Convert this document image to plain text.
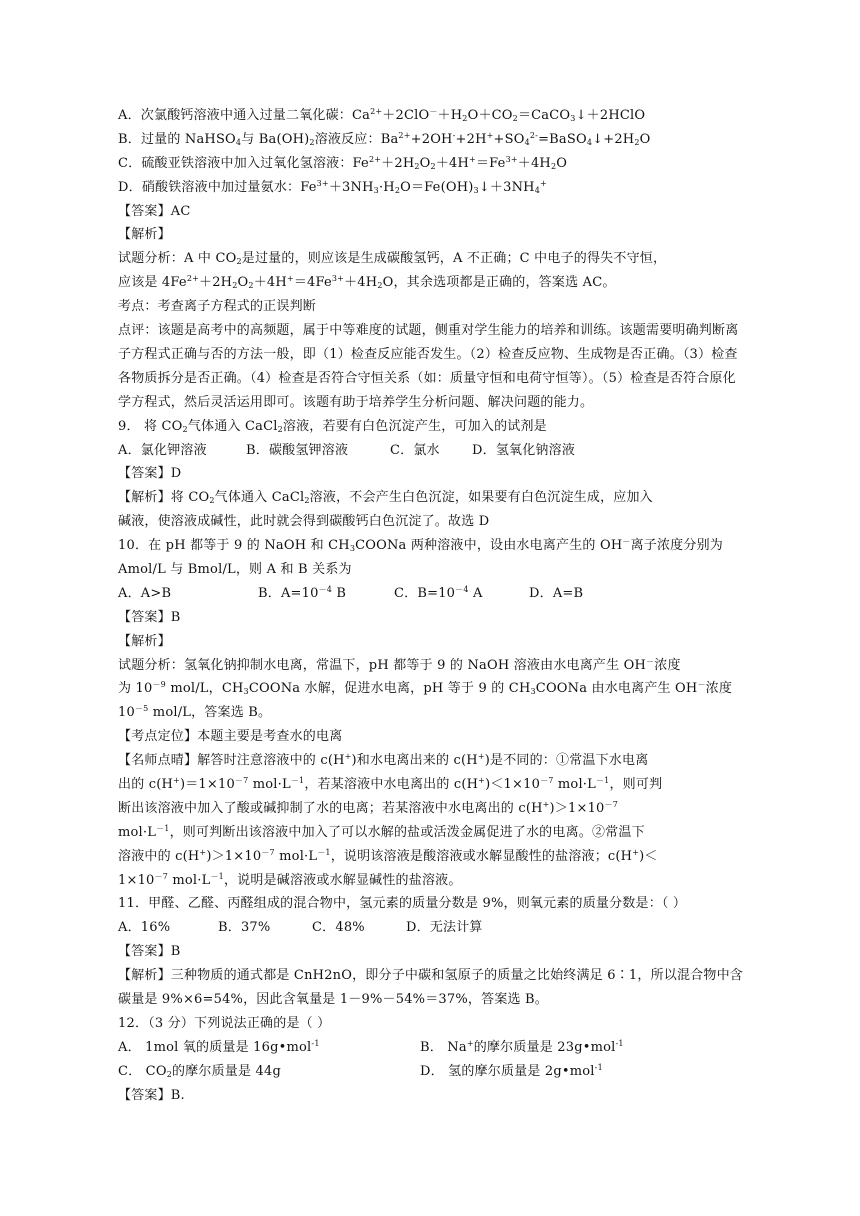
A．次氯酸钙溶液中通入过量二氧化碳：$Ca^{2+}+2ClO^-+H_2O+CO_2=CaCO_3↓+2HClO$
B．过量的 NaHSO$_4$与 $Ba(OH)_2$溶液反应：$Ba^{2+}+2OH^-+2H^++SO_4^{2-}=BaSO_4↓+2H_2O$
C．硫酸亚铁溶液中加入过氧化氢溶液：$Fe^{2+}+2H_2O_2+4H^+=Fe^{3+}+4H_2O$
D．硝酸铁溶液中加过量氨水：$Fe^{3+}+3NH_3\cdot H_2O=Fe(OH)_3↓+3NH_4^+$
【答案】AC
【解析】
试题分析：A 中 $CO_2$是过量的，则应该是生成碳酸氢钙，A 不正确；C 中电子的得失不守恒，
应该是 $4Fe^{2+}+2H_2O_2+4H^+=4Fe^{3+}+4H_2O$，其余选项都是正确的，答案选 AC。
考点：考查离子方程式的正误判断
点评：该题是高考中的高频题，属于中等难度的试题，侧重对学生能力的培养和训练。该题需要明确判断离子方程式正确与否的方法一般，即（1）检查反应能否发生。（2）检查反应物、生成物是否正确。（3）检查各物质拆分是否正确。（4）检查是否符合守恒关系（如：质量守恒和电荷守恒等）。（5）检查是否符合原化学方程式，然后灵活运用即可。该题有助于培养学生分析问题、解决问题的能力。
9． 将 $CO_2$气体通入 CaCl$_2$溶液，若要有白色沉淀产生，可加入的试剂是
A．氯化钾溶液	B．碳酸氢钾溶液	C．氯水 D．氢氧化钠溶液
【答案】D
【解析】将 $CO_2$气体通入 CaCl$_2$溶液，不会产生白色沉淀，如果要有白色沉淀生成，应加入
碱液，使溶液成碱性，此时就会得到碳酸钙白色沉淀了。故选 D
10．在 pH 都等于 9 的 NaOH 和 $CH_3COONa$ 两种溶液中，设由水电离产生的 OH－离子浓度分别为
Amol/L 与 Bmol/L，则 A 和 B 关系为
A．A>B	B．$A=10^{-4}$ B	C．$B=10^{-4}$ A	D．A=B
【答案】B
【解析】
试题分析：氢氧化钠抑制水电离，常温下，pH 都等于 9 的 NaOH 溶液由水电离产生 OH－浓度
为 $10^{-9}$ mol/L，$CH_3COONa$ 水解，促进水电离，pH 等于 9 的 $CH_3COONa$ 由水电离产生 OH－浓度
$10^{-5}$ mol/L，答案选 B。
【考点定位】本题主要是考查水的电离
【名师点晴】解答时注意溶液中的 c(H+)和水电离出来的 c(H+)是不同的：①常温下水电离
出的 $c(H^+)=1\times 10^{-7}$ $mol\cdot L^{-1}$，若某溶液中水电离出的 $c(H^+)<1\times 10^{-7}$ $mol\cdot L^{-1}$，则可判
断出该溶液中加入了酸或碱抑制了水的电离；若某溶液中水电离出的 $c(H^+)>1\times 10^{-7}$
$mol\cdot L^{-1}$，则可判断出该溶液中加入了可以水解的盐或活泼金属促进了水的电离。②常温下
溶液中的 $c(H^+)>1\times 10^{-7}$ $mol\cdot L^{-1}$，说明该溶液是酸溶液或水解显酸性的盐溶液；c(H+)＜
$1\times 10^{-7}$ $mol\cdot L^{-1}$，说明是碱溶液或水解显碱性的盐溶液。
11．甲醛、乙醛、丙醛组成的混合物中，氢元素的质量分数是 9%，则氧元素的质量分数是：（ ）
A．16%	B．37%	C．48%	D．无法计算
【答案】B
【解析】三种物质的通式都是 CnH2nO，即分子中碳和氢原子的质量之比始终满足 6∶1，所以混合物中含碳量是 9%×6=54%，因此含氧量是 1－9%－54%＝37%，答案选 B。
12．（3 分）下列说法正确的是（ ）
A． 1mol 氧的质量是 16g•mol$^{-1}$	B． Na+的摩尔质量是 23g•mol$^{-1}$
C． $CO_2$的摩尔质量是 44g	D． 氢的摩尔质量是 2g•mol$^{-1}$
【答案】B.
